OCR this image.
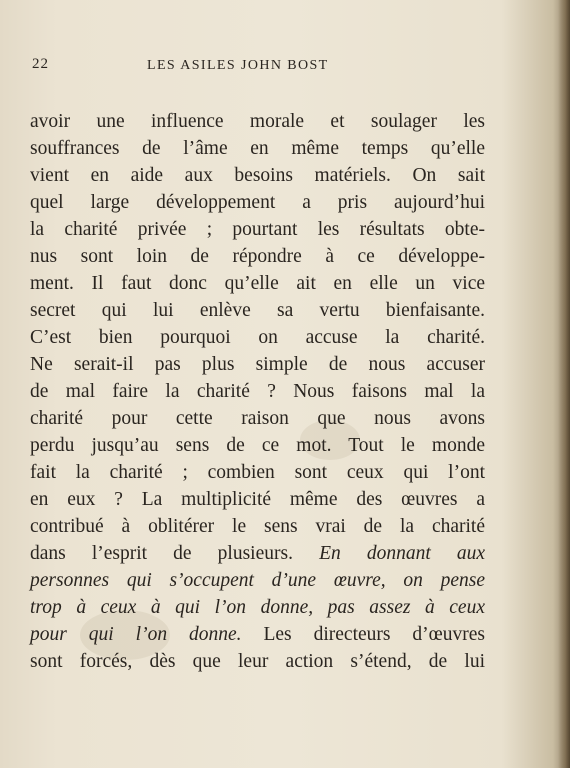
22	LES ASILES JOHN BOST
avoir une influence morale et soulager les
souffrances de l’âme en même temps qu’elle
vient en aide aux besoins matériels. On sait
quel large développement a pris aujourd’hui
la charité privée ; pourtant les résultats obte-
nus sont loin de répondre à ce développe-
ment. Il faut donc qu’elle ait en elle un vice
secret qui lui enlève sa vertu bienfaisante.
C’est bien pourquoi on accuse la charité.
Ne serait-il pas plus simple de nous accuser
de mal faire la charité ? Nous faisons mal la
charité pour cette raison que nous avons
perdu jusqu’au sens de ce mot. Tout le monde
fait la charité ; combien sont ceux qui l’ont
en eux ? La multiplicité même des œuvres a
contribué à oblitérer le sens vrai de la charité
dans l’esprit de plusieurs. En donnant aux
personnes qui s’occupent d’une œuvre, on pense
trop à ceux à qui l’on donne, pas assez à ceux
pour qui l’on donne. Les directeurs d’œuvres
sont forcés, dès que leur action s’étend, de lui
